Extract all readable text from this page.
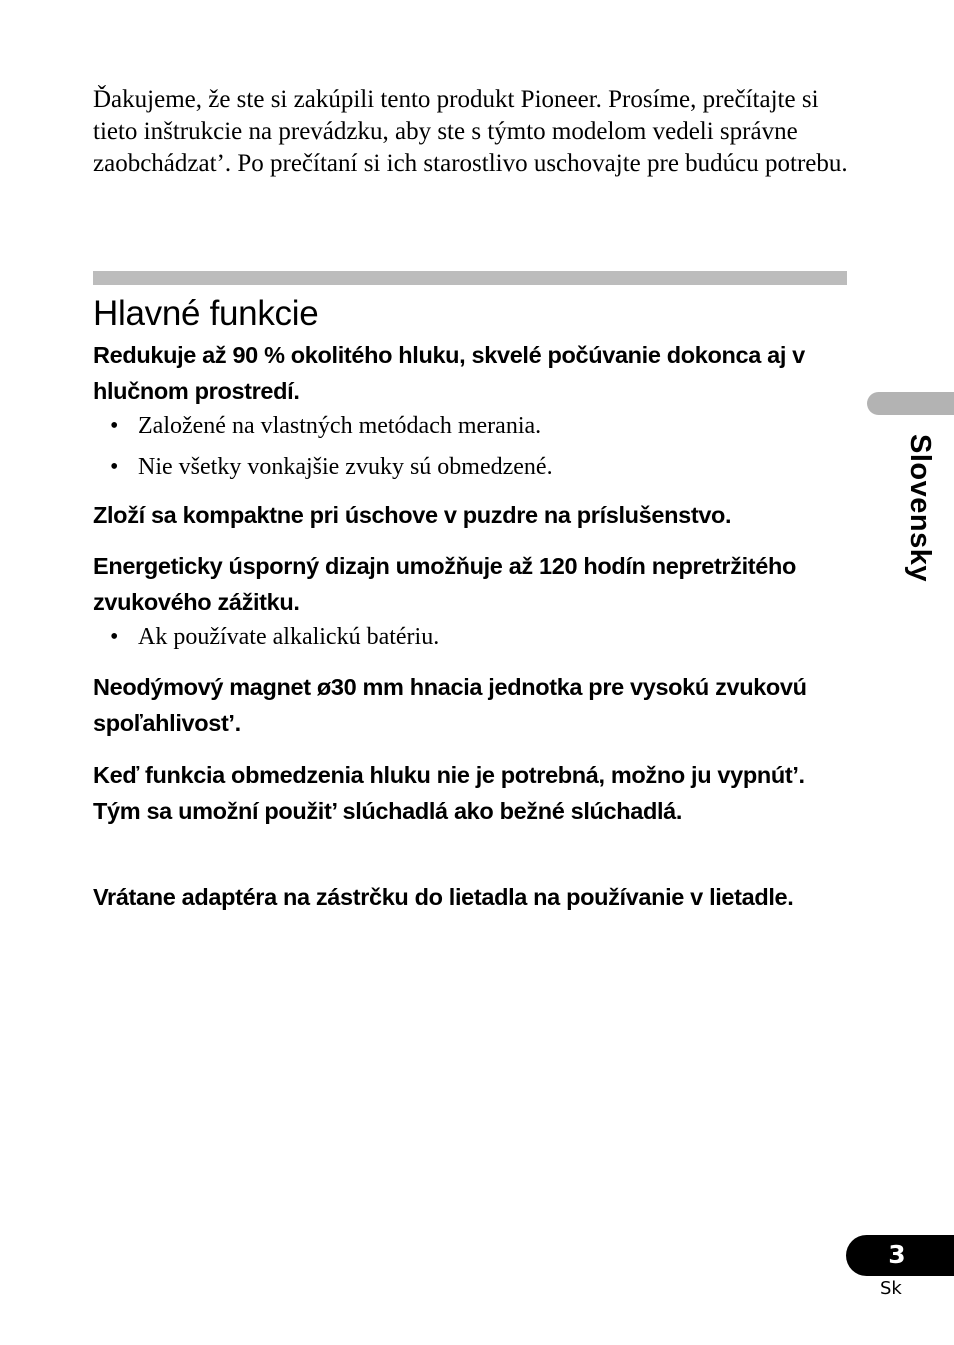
Ďakujeme, že ste si zakúpili tento produkt Pioneer. Prosíme, prečítajte si tieto inštrukcie na prevádzku, aby ste s týmto modelom vedeli správne zaobchádzat’. Po prečítaní si ich starostlivo uschovajte pre budúcu potrebu.

Hlavné funkcie

Redukuje až 90 % okolitého hluku, skvelé počúvanie dokonca aj v hlučnom prostredí.

• Založené na vlastných metódach merania.

• Nie všetky vonkajšie zvuky sú obmedzené.

Zloží sa kompaktne pri úschove v puzdre na príslušenstvo.

Energeticky úsporný dizajn umožňuje až 120 hodín nepretržitého zvukového zážitku.

• Ak používate alkalickú batériu.

Neodýmový magnet ø30 mm hnacia jednotka pre vysokú zvukovú spoľahlivost’.

Keď funkcia obmedzenia hluku nie je potrebná, možno ju vypnút’. Tým sa umožní použit’ slúchadlá ako bežné slúchadlá.

Vrátane adaptéra na zástrčku do lietadla na používanie v lietadle.

Slovensky
3
Sk
